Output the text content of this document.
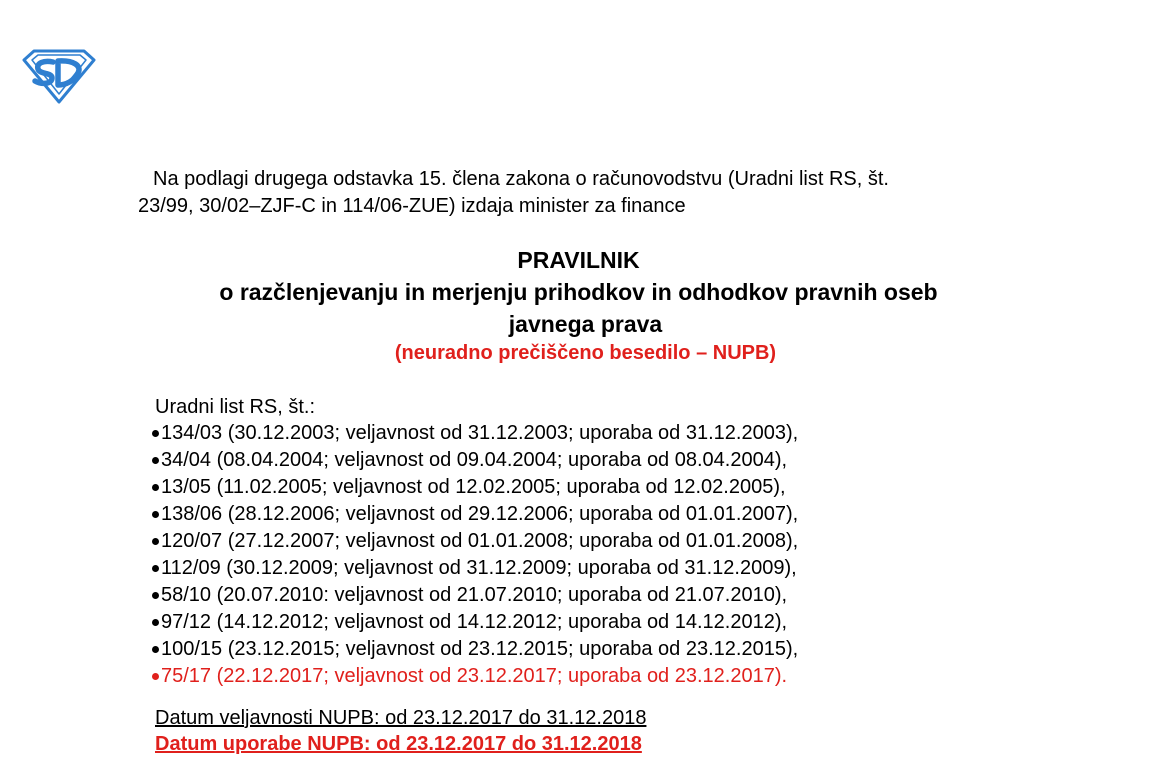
Na podlagi drugega odstavka 15. člena zakona o računovodstvu (Uradni list RS, št.
23/99, 30/02–ZJF-C in 114/06-ZUE) izdaja minister za finance

PRAVILNIK

o razčlenjevanju in merjenju prihodkov in odhodkov pravnih oseb
javnega prava

(neuradno prečiščeno besedilo – NUPB)

Uradni list RS, št.:

134/03 (30.12.2003; veljavnost od 31.12.2003; uporaba od 31.12.2003),
34/04 (08.04.2004; veljavnost od 09.04.2004; uporaba od 08.04.2004),
13/05 (11.02.2005; veljavnost od 12.02.2005; uporaba od 12.02.2005),
138/06 (28.12.2006; veljavnost od 29.12.2006; uporaba od 01.01.2007),
120/07 (27.12.2007; veljavnost od 01.01.2008; uporaba od 01.01.2008),
112/09 (30.12.2009; veljavnost od 31.12.2009; uporaba od 31.12.2009),
58/10 (20.07.2010: veljavnost od 21.07.2010; uporaba od 21.07.2010),
97/12 (14.12.2012; veljavnost od 14.12.2012; uporaba od 14.12.2012),
100/15 (23.12.2015; veljavnost od 23.12.2015; uporaba od 23.12.2015),
75/17 (22.12.2017; veljavnost od 23.12.2017; uporaba od 23.12.2017).

Datum veljavnosti NUPB: od 23.12.2017 do 31.12.2018

Datum uporabe NUPB: od 23.12.2017 do 31.12.2018
